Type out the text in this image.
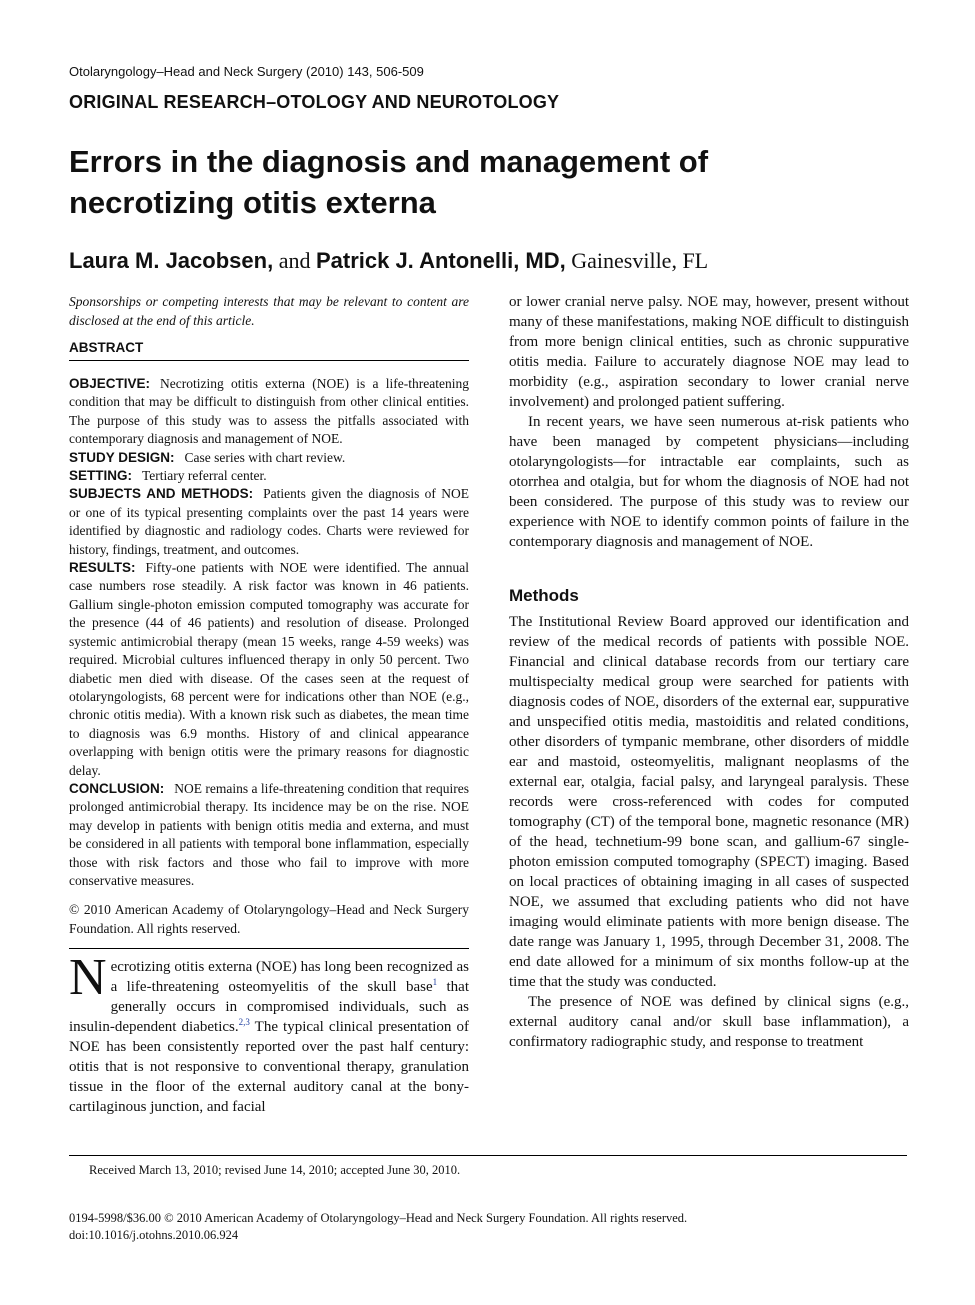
Otolaryngology–Head and Neck Surgery (2010) 143, 506-509
ORIGINAL RESEARCH–OTOLOGY AND NEUROTOLOGY
Errors in the diagnosis and management of necrotizing otitis externa
Laura M. Jacobsen, and Patrick J. Antonelli, MD, Gainesville, FL

Sponsorships or competing interests that may be relevant to content are disclosed at the end of this article.

ABSTRACT

OBJECTIVE: Necrotizing otitis externa (NOE) is a life-threatening condition that may be difficult to distinguish from other clinical entities. The purpose of this study was to assess the pitfalls associated with contemporary diagnosis and management of NOE.

STUDY DESIGN: Case series with chart review.

SETTING: Tertiary referral center.

SUBJECTS AND METHODS: Patients given the diagnosis of NOE or one of its typical presenting complaints over the past 14 years were identified by diagnostic and radiology codes. Charts were reviewed for history, findings, treatment, and outcomes.

RESULTS: Fifty-one patients with NOE were identified. The annual case numbers rose steadily. A risk factor was known in 46 patients. Gallium single-photon emission computed tomography was accurate for the presence (44 of 46 patients) and resolution of disease. Prolonged systemic antimicrobial therapy (mean 15 weeks, range 4-59 weeks) was required. Microbial cultures influenced therapy in only 50 percent. Two diabetic men died with disease. Of the cases seen at the request of otolaryngologists, 68 percent were for indications other than NOE (e.g., chronic otitis media). With a known risk such as diabetes, the mean time to diagnosis was 6.9 months. History of and clinical appearance overlapping with benign otitis were the primary reasons for diagnostic delay.

CONCLUSION: NOE remains a life-threatening condition that requires prolonged antimicrobial therapy. Its incidence may be on the rise. NOE may develop in patients with benign otitis media and externa, and must be considered in all patients with temporal bone inflammation, especially those with risk factors and those who fail to improve with more conservative measures.

© 2010 American Academy of Otolaryngology–Head and Neck Surgery Foundation. All rights reserved.

Necrotizing otitis externa (NOE) has long been recognized as a life-threatening osteomyelitis of the skull base$^1$ that generally occurs in compromised individuals, such as insulin-dependent diabetics.$^{2,3}$ The typical clinical presentation of NOE has been consistently reported over the past half century: otitis that is not responsive to conventional therapy, granulation tissue in the floor of the external auditory canal at the bony-cartilaginous junction, and facial

or lower cranial nerve palsy. NOE may, however, present without many of these manifestations, making NOE difficult to distinguish from more benign clinical entities, such as chronic suppurative otitis media. Failure to accurately diagnose NOE may lead to morbidity (e.g., aspiration secondary to lower cranial nerve involvement) and prolonged patient suffering.

In recent years, we have seen numerous at-risk patients who have been managed by competent physicians—including otolaryngologists—for intractable ear complaints, such as otorrhea and otalgia, but for whom the diagnosis of NOE had not been considered. The purpose of this study was to review our experience with NOE to identify common points of failure in the contemporary diagnosis and management of NOE.

Methods

The Institutional Review Board approved our identification and review of the medical records of patients with possible NOE. Financial and clinical database records from our tertiary care multispecialty medical group were searched for patients with diagnosis codes of NOE, disorders of the external ear, suppurative and unspecified otitis media, mastoiditis and related conditions, other disorders of tympanic membrane, other disorders of middle ear and mastoid, osteomyelitis, malignant neoplasms of the external ear, otalgia, facial palsy, and laryngeal paralysis. These records were cross-referenced with codes for computed tomography (CT) of the temporal bone, magnetic resonance (MR) of the head, technetium-99 bone scan, and gallium-67 single-photon emission computed tomography (SPECT) imaging. Based on local practices of obtaining imaging in all cases of suspected NOE, we assumed that excluding patients who did not have imaging would eliminate patients with more benign disease. The date range was January 1, 1995, through December 31, 2008. The end date allowed for a minimum of six months follow-up at the time that the study was conducted.

The presence of NOE was defined by clinical signs (e.g., external auditory canal and/or skull base inflammation), a confirmatory radiographic study, and response to treatment

Received March 13, 2010; revised June 14, 2010; accepted June 30, 2010.
0194-5998/$36.00 © 2010 American Academy of Otolaryngology–Head and Neck Surgery Foundation. All rights reserved.
doi:10.1016/j.otohns.2010.06.924
